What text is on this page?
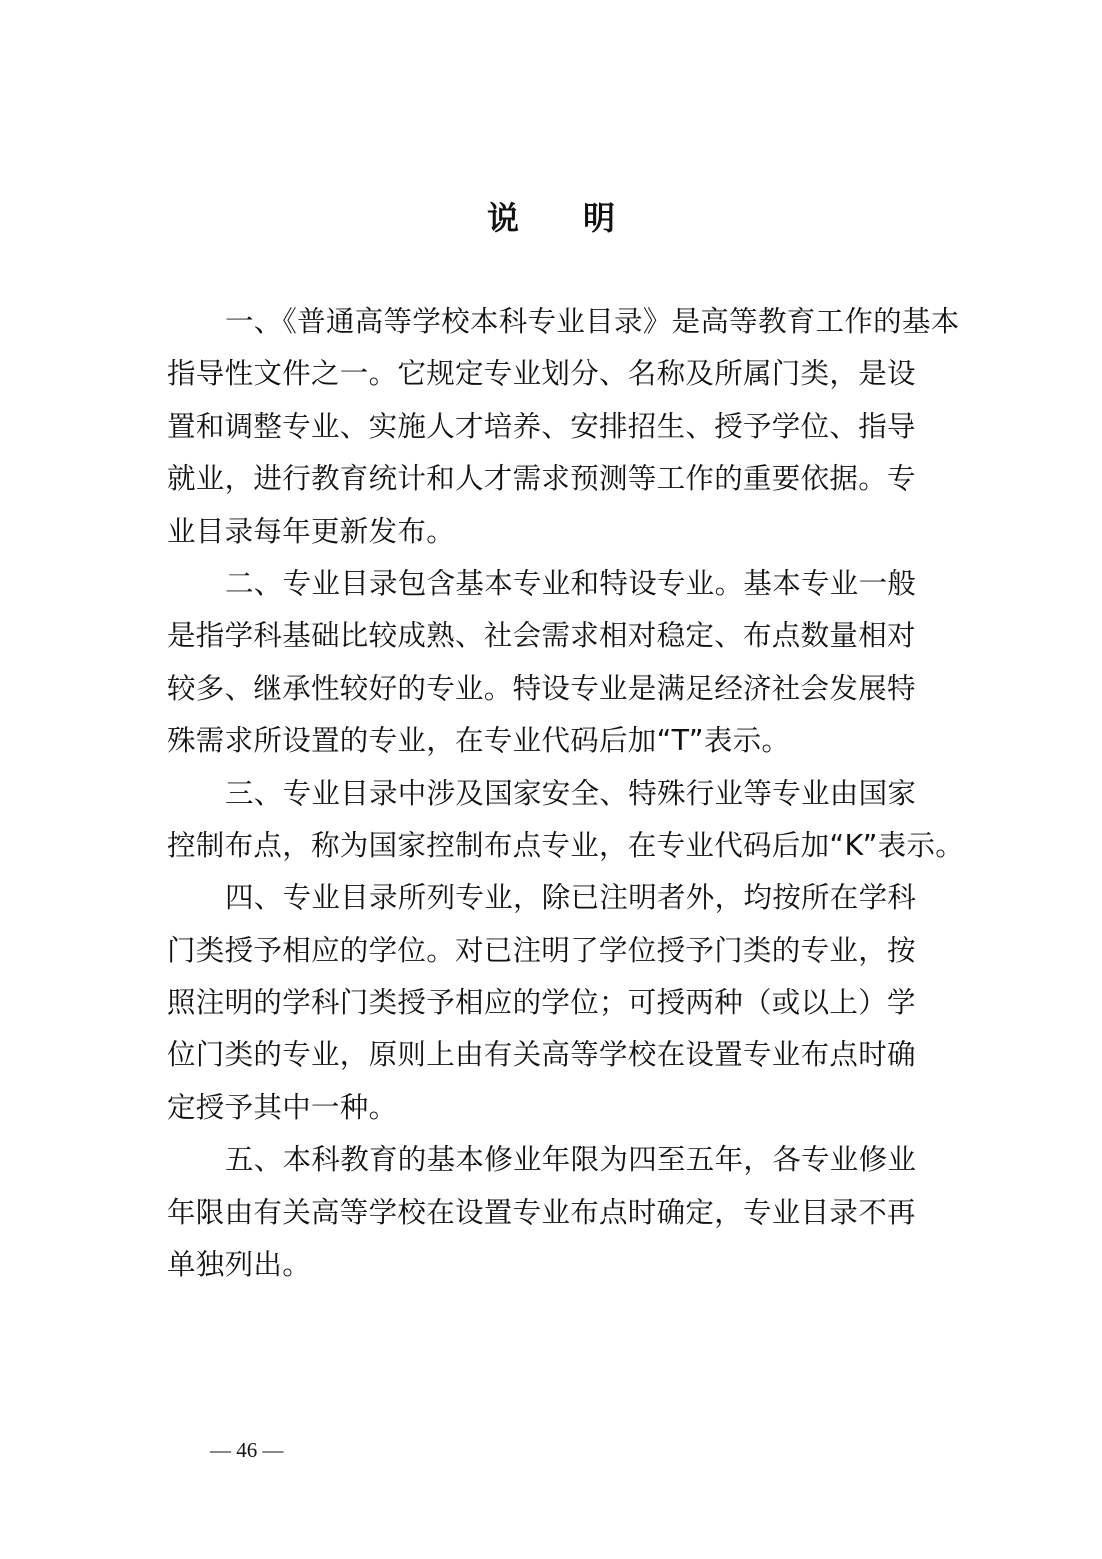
说 明
一、《普通高等学校本科专业目录》是高等教育工作的基本
指导性文件之一。它规定专业划分、名称及所属门类，是设
置和调整专业、实施人才培养、安排招生、授予学位、指导
就业，进行教育统计和人才需求预测等工作的重要依据。专
业目录每年更新发布。
二、专业目录包含基本专业和特设专业。基本专业一般
是指学科基础比较成熟、社会需求相对稳定、布点数量相对
较多、继承性较好的专业。特设专业是满足经济社会发展特
殊需求所设置的专业，在专业代码后加“T”表示。
三、专业目录中涉及国家安全、特殊行业等专业由国家
控制布点，称为国家控制布点专业，在专业代码后加“K”表示。
四、专业目录所列专业，除已注明者外，均按所在学科
门类授予相应的学位。对已注明了学位授予门类的专业，按
照注明的学科门类授予相应的学位；可授两种（或以上）学
位门类的专业，原则上由有关高等学校在设置专业布点时确
定授予其中一种。
五、本科教育的基本修业年限为四至五年，各专业修业
年限由有关高等学校在设置专业布点时确定，专业目录不再
单独列出。
— 46 —
